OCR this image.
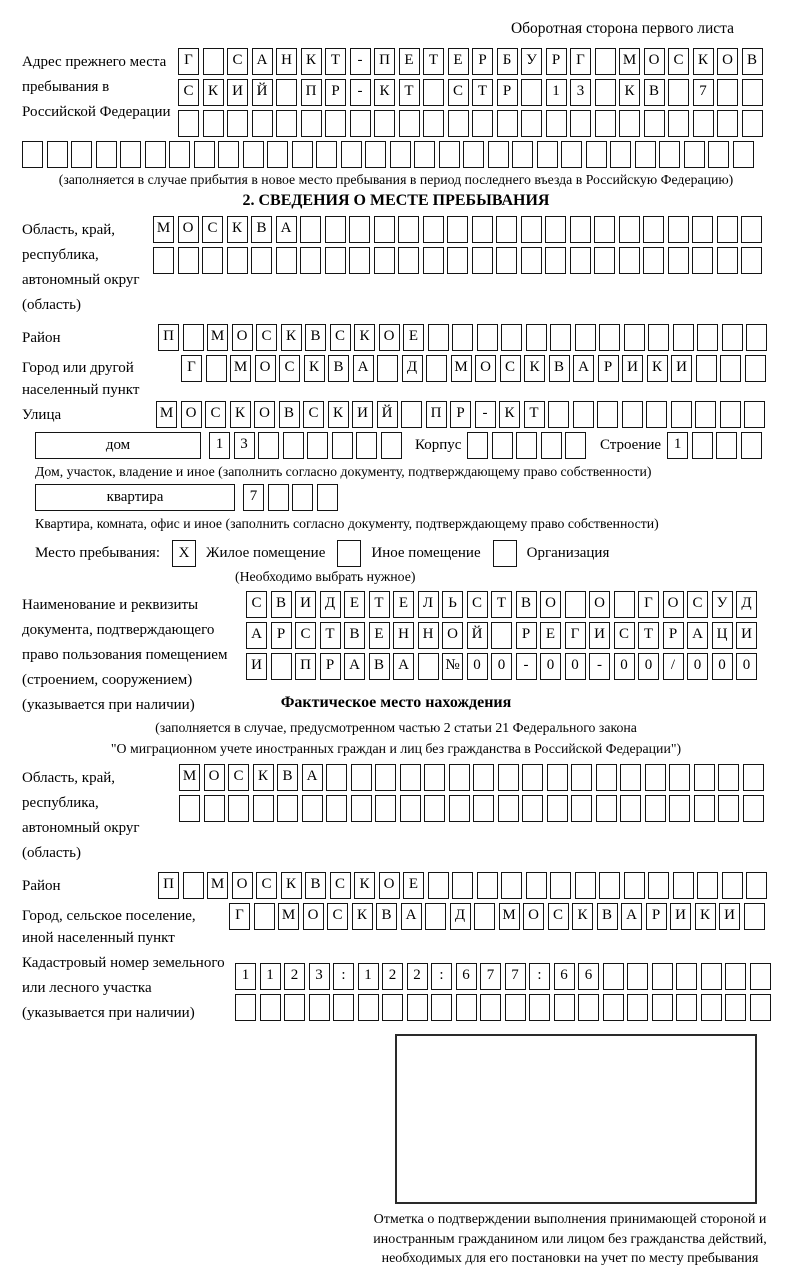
Оборотная сторона первого листа
Адрес прежнего места пребывания в Российской Федерации
Г	С А Н К Т	-	П Е	Т	Е	Р	Б У	Р	Г	М О С К О В
С К И Й	П Р	-	К Т	С Т	Р	1	3	К В	7
(заполняется в случае прибытия в новое место пребывания в период последнего въезда в Российскую Федерацию)
2. СВЕДЕНИЯ О МЕСТЕ ПРЕБЫВАНИЯ
Область, край, республика, автономный округ (область)
М О С К В А
Район	П	М О С К В С К О Е
Город или другой населенный пункт
Г	М О С К В А	Д	М О С К В А Р И К И
Улица	М О С К О В С К И Й	П Р	-	К Т
дом	1	3	Корпус	Строение 1
Дом, участок, владение и иное (заполнить согласно документу, подтверждающему право собственности)
квартира	7
Квартира, комната, офис и иное (заполнить согласно документу, подтверждающему право собственности)
Место пребывания:	Х	Жилое помещение	Иное помещение	Организация
(Необходимо выбрать нужное)
Наименование и реквизиты документа, подтверждающего право пользования помещением (строением, сооружением) (указывается при наличии)
С В И Д Е	Т	Е Л	Ь	С Т В О	О	Г О С У Д
А Р	С Т В Е Н Н О Й	Р	Е	Г И С Т	Р А Ц И
И	П Р А В А	№ 0	0	-	0	0	-	0	0	/	0	0	0
Фактическое место нахождения
(заполняется в случае, предусмотренном частью 2 статьи 21 Федерального закона
"О миграционном учете иностранных граждан и лиц без гражданства в Российской Федерации")
Область, край, республика, автономный округ (область)
М О С К В А
Район	П	М О С К В С К О Е
Город, сельское поселение, иной населенный пункт
Г	М О С К В А	Д	М О С К В А Р И К И
Кадастровый номер земельного или лесного участка (указывается при наличии)
1	1	2	3	:	1	2	2	:	6	7	7	:	6	6
Отметка о подтверждении выполнения принимающей стороной и иностранным гражданином или лицом без гражданства действий, необходимых для его постановки на учет по месту пребывания
